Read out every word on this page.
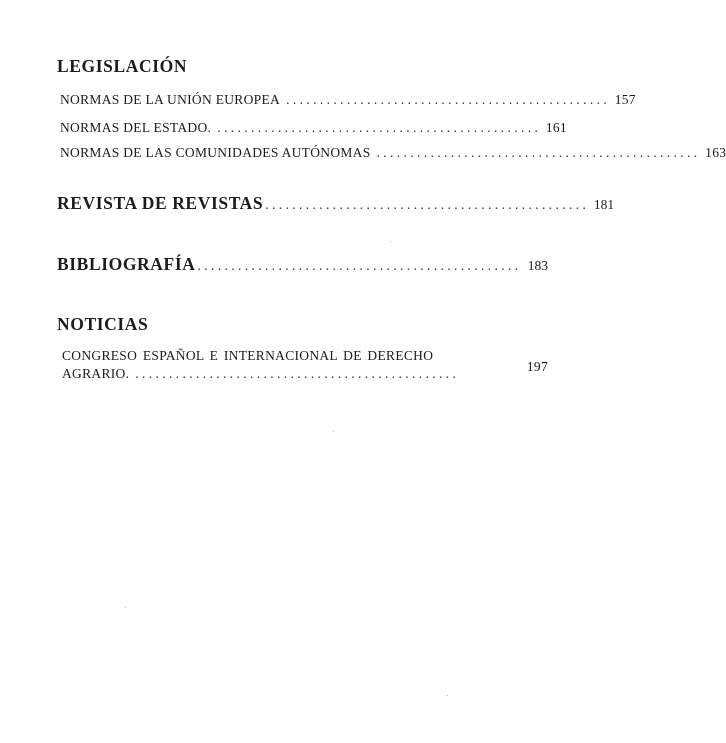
LEGISLACIÓN
NORMAS DE LA UNIÓN EUROPEA . . . . . . . . . . . . . . . . . . . . . . . . . . . . . . . . . . . . . . . . . . . . . . . . 157
NORMAS DEL ESTADO. . . . . . . . . . . . . . . . . . . . . . . . . . . . . . . . . . . . . . . . . . . . . . . . . 161
NORMAS DE LAS COMUNIDADES AUTÓNOMAS . . . . . . . . . . . . . . . . . . . . . . . . . . . . . . . . . . . . . . . . . . . . . . . . 163
REVISTA DE REVISTAS . . . . . . . . . . . . . . . . . . . . . . . . . . . . . . . . . . . . . . . . . . . . . . . . 181
BIBLIOGRAFÍA . . . . . . . . . . . . . . . . . . . . . . . . . . . . . . . . . . . . . . . . . . . . . . . . 183
NOTICIAS
CONGRESO ESPAÑOL E INTERNACIONAL DE DERECHO
AGRARIO. . . . . . . . . . . . . . . . . . . . . . . . . . . . . . . . . . . . . . . . . . . . . . . . .	197
